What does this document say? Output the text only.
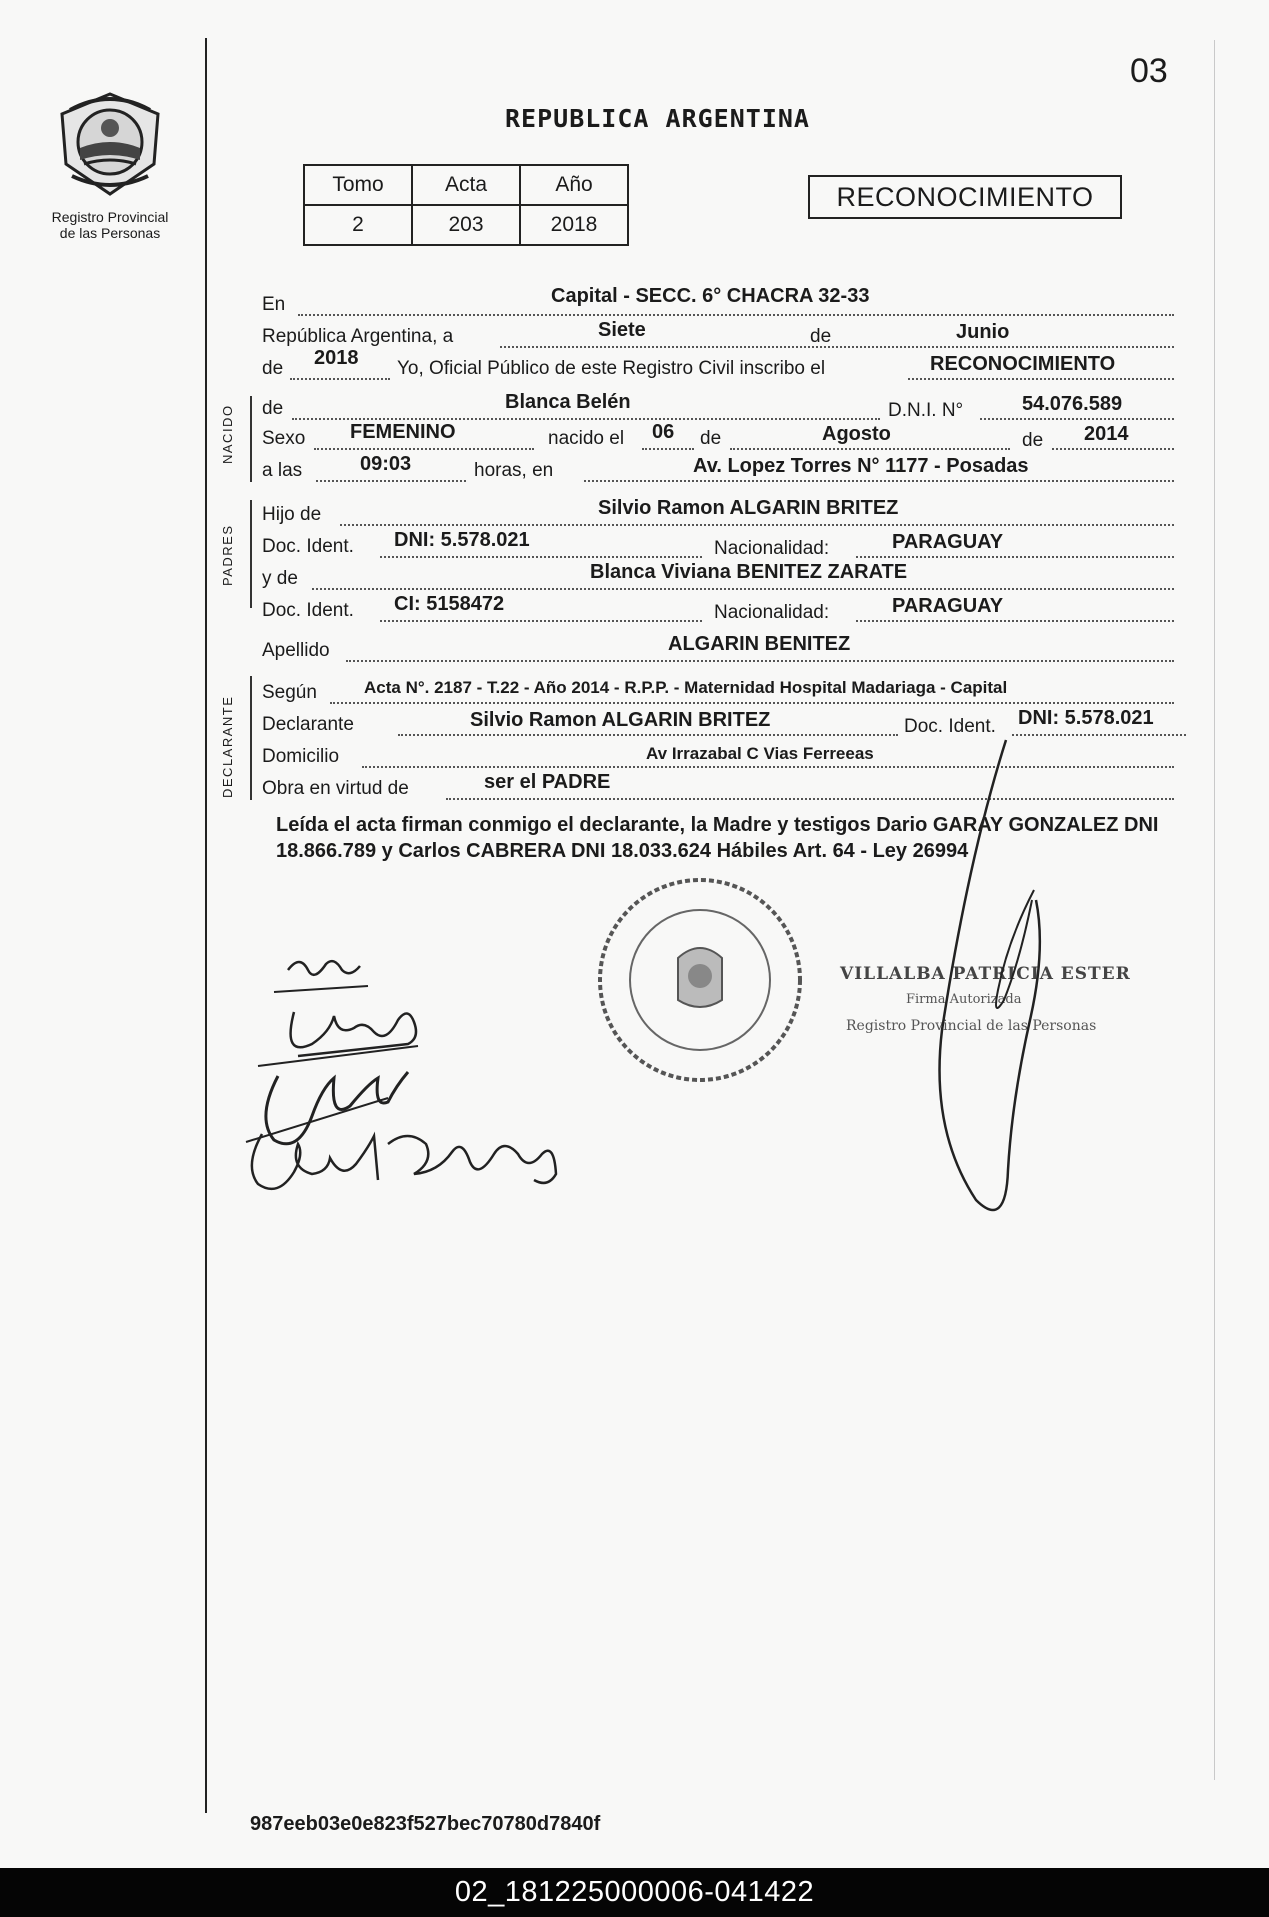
03
REPUBLICA ARGENTINA
Registro Provincial
de las Personas
Tomo	Acta	Año
2	203	2018
RECONOCIMIENTO
En	Capital - SECC. 6° CHACRA 32-33
República Argentina, a	Siete	de	Junio
de 2018 Yo, Oficial Público de este Registro Civil inscribo el	RECONOCIMIENTO
NACIDO de	Blanca Belén	D.N.I. N°	54.076.589
Sexo FEMENINO	nacido el 06 de	Agosto	de 2014
a las	09:03	horas, en	Av. Lopez Torres N° 1177 - Posadas
PADRES
Hijo de	Silvio Ramon ALGARIN BRITEZ
Doc. Ident. DNI: 5.578.021	Nacionalidad:	PARAGUAY
y de	Blanca Viviana BENITEZ ZARATE
Doc. Ident. CI: 5158472	Nacionalidad:	PARAGUAY
Apellido	ALGARIN BENITEZ
DECLARANTE
Según	Acta N°. 2187 - T.22 - Año 2014 - R.P.P. - Maternidad Hospital Madariaga - Capital
Declarante	Silvio Ramon ALGARIN BRITEZ	Doc. Ident. DNI: 5.578.021
Domicilio	Av Irrazabal C Vias Ferreeas
Obra en virtud de	ser el PADRE
Leída el acta firman conmigo el declarante, la Madre y testigos Dario GARAY GONZALEZ DNI 18.866.789 y Carlos CABRERA DNI 18.033.624 Hábiles Art. 64 - Ley 26994
VILLALBA PATRICIA ESTER
Firma Autorizada
Registro Provincial de las Personas
987eeb03e0e823f527bec70780d7840f
02_181225000006-041422
